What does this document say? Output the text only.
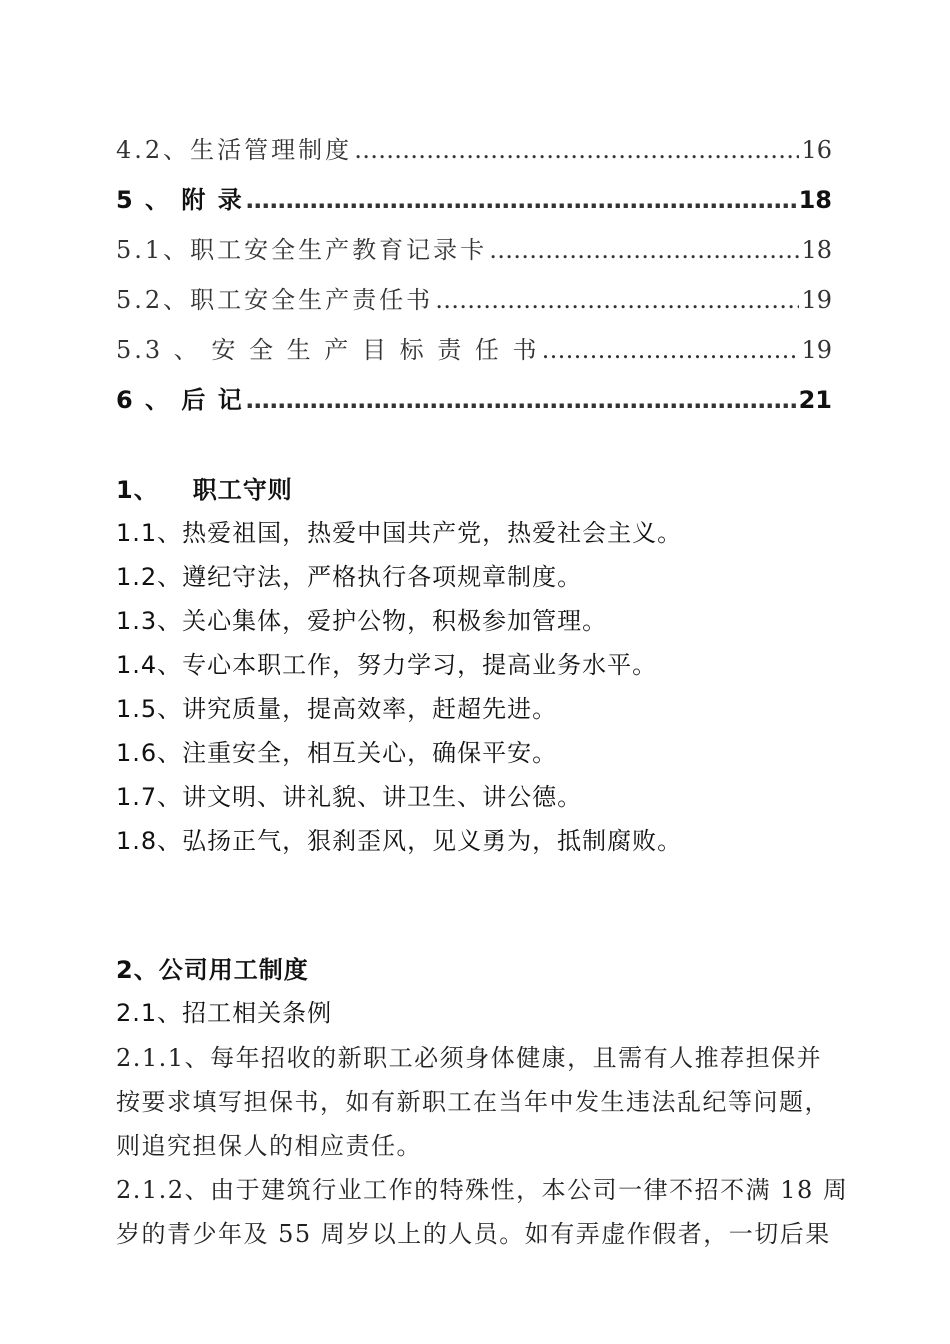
4.2、生活管理制度 ……………………………………………………………………………………………………………………………………	16
5 、 附 录 ……………………………………………………………………………………………………………………………………	18
5.1、职工安全生产教育记录卡 ……………………………………………………………………………………………………………………………………	18
5.2、职工安全生产责任书 ……………………………………………………………………………………………………………………………………	19
5.3 、 安 全 生 产 目 标 责 任 书 ……………………………………………………………………………………………………………………………………	19
6 、 后 记 ……………………………………………………………………………………………………………………………………	21
1、 职工守则
1.1、热爱祖国，热爱中国共产党，热爱社会主义。
1.2、遵纪守法，严格执行各项规章制度。
1.3、关心集体，爱护公物，积极参加管理。
1.4、专心本职工作，努力学习，提高业务水平。
1.5、讲究质量，提高效率，赶超先进。
1.6、注重安全，相互关心，确保平安。
1.7、讲文明、讲礼貌、讲卫生、讲公德。
1.8、弘扬正气，狠刹歪风，见义勇为，抵制腐败。
2、公司用工制度
2.1、招工相关条例
2.1.1、每年招收的新职工必须身体健康，且需有人推荐担保并
按要求填写担保书，如有新职工在当年中发生违法乱纪等问题，
则追究担保人的相应责任。
2.1.2、由于建筑行业工作的特殊性，本公司一律不招不满 18 周
岁的青少年及 55 周岁以上的人员。如有弄虚作假者，一切后果
